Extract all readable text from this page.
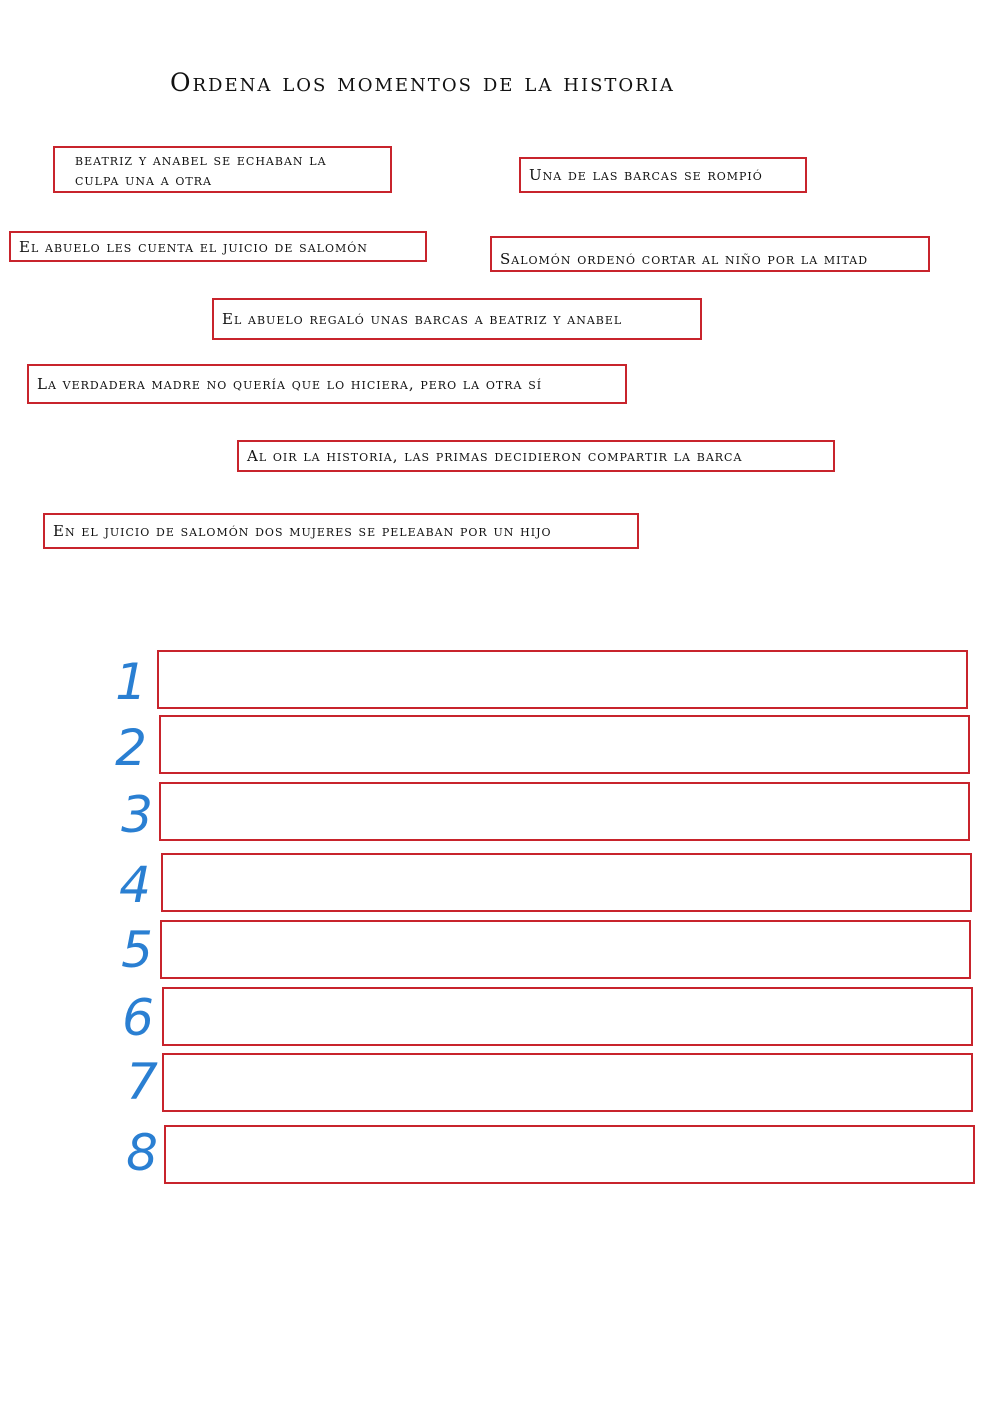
Ordena los momentos de la historia
beatriz y anabel se echaban la culpa una a otra	Una de las barcas se rompió
El abuelo les cuenta el juicio de salomón
Salomón ordenó cortar al niño por la mitad
El abuelo regaló unas barcas a beatriz y anabel
La verdadera madre no quería que lo hiciera, pero la otra sí
Al oir la historia, las primas decidieron compartir la barca
En el juicio de salomón dos mujeres se peleaban por un hijo
1
2
3
4
5
6
7
8
